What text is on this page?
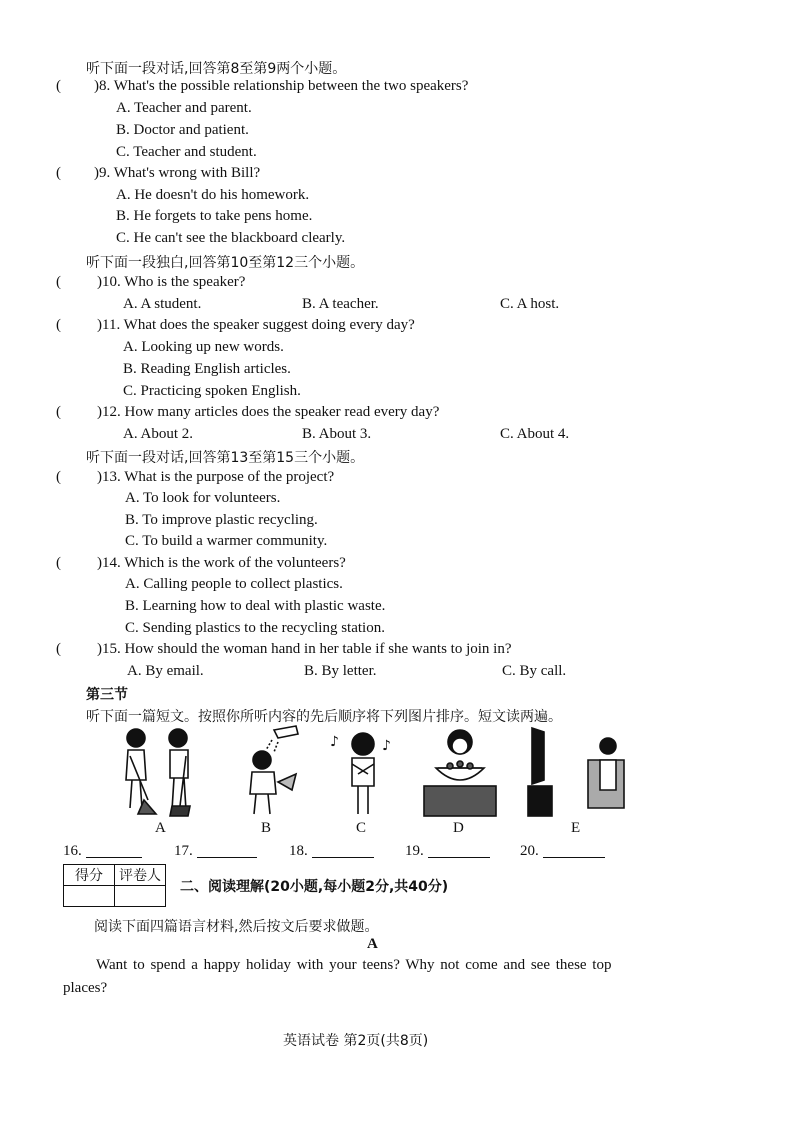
听下面一段对话,回答第8至第9两个小题。
( )8. What's the possible relationship between the two speakers?
A. Teacher and parent.
B. Doctor and patient.
C. Teacher and student.
( )9. What's wrong with Bill?
A. He doesn't do his homework.
B. He forgets to take pens home.
C. He can't see the blackboard clearly.
听下面一段独白,回答第10至第12三个小题。
( )10. Who is the speaker?
A. A student.	B. A teacher.	C. A host.
( )11. What does the speaker suggest doing every day?
A. Looking up new words.
B. Reading English articles.
C. Practicing spoken English.
( )12. How many articles does the speaker read every day?
A. About 2.	B. About 3.	C. About 4.
听下面一段对话,回答第13至第15三个小题。
( )13. What is the purpose of the project?
A. To look for volunteers.
B. To improve plastic recycling.
C. To build a warmer community.
( )14. Which is the work of the volunteers?
A. Calling people to collect plastics.
B. Learning how to deal with plastic waste.
C. Sending plastics to the recycling station.
( )15. How should the woman hand in her table if she wants to join in?
A. By email.	B. By letter.	C. By call.
第三节
听下面一篇短文。按照你所听内容的先后顺序将下列图片排序。短文读两遍。
A	B
♪	♪
C	D	E
16.	17.	18.	19.	20.
得分	评卷人

二、阅读理解(20小题,每小题2分,共40分)
阅读下面四篇语言材料,然后按文后要求做题。
A
Want to spend a happy holiday with your teens? Why not come and see these top
places?
英语试卷 第2页(共8页)
